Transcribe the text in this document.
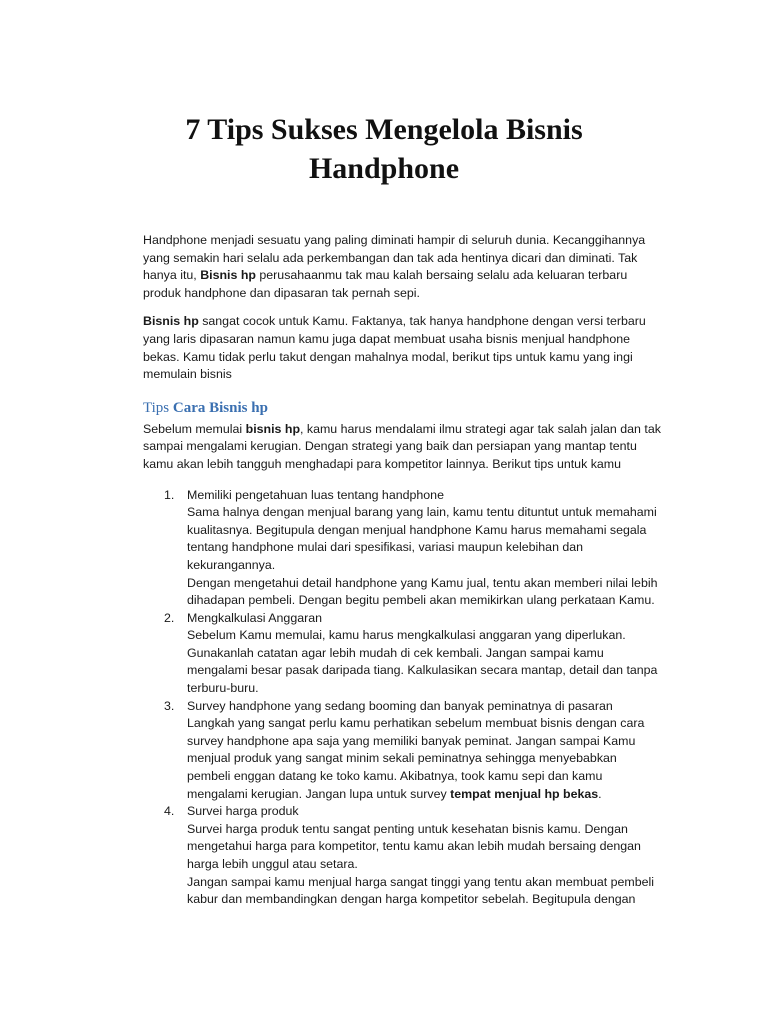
7 Tips Sukses Mengelola Bisnis
Handphone

Handphone menjadi sesuatu yang paling diminati hampir di seluruh dunia. Kecanggihannya yang semakin hari selalu ada perkembangan dan tak ada hentinya dicari dan diminati. Tak hanya itu, Bisnis hp perusahaanmu tak mau kalah bersaing selalu ada keluaran terbaru produk handphone dan dipasaran tak pernah sepi.

Bisnis hp sangat cocok untuk Kamu. Faktanya, tak hanya handphone dengan versi terbaru yang laris dipasaran namun kamu juga dapat membuat usaha bisnis menjual handphone bekas. Kamu tidak perlu takut dengan mahalnya modal, berikut tips untuk kamu yang ingi memulain bisnis

Tips Cara Bisnis hp

Sebelum memulai bisnis hp, kamu harus mendalami ilmu strategi agar tak salah jalan dan tak sampai mengalami kerugian. Dengan strategi yang baik dan persiapan yang mantap tentu kamu akan lebih tangguh menghadapi para kompetitor lainnya. Berikut tips untuk kamu

1. Memiliki pengetahuan luas tentang handphone
Sama halnya dengan menjual barang yang lain, kamu tentu dituntut untuk memahami kualitasnya. Begitupula dengan menjual handphone Kamu harus memahami segala tentang handphone mulai dari spesifikasi, variasi maupun kelebihan dan kekurangannya.
Dengan mengetahui detail handphone yang Kamu jual, tentu akan memberi nilai lebih dihadapan pembeli. Dengan begitu pembeli akan memikirkan ulang perkataan Kamu.
2. Mengkalkulasi Anggaran
Sebelum Kamu memulai, kamu harus mengkalkulasi anggaran yang diperlukan. Gunakanlah catatan agar lebih mudah di cek kembali. Jangan sampai kamu mengalami besar pasak daripada tiang. Kalkulasikan secara mantap, detail dan tanpa terburu-buru.
3. Survey handphone yang sedang booming dan banyak peminatnya di pasaran
Langkah yang sangat perlu kamu perhatikan sebelum membuat bisnis dengan cara survey handphone apa saja yang memiliki banyak peminat. Jangan sampai Kamu menjual produk yang sangat minim sekali peminatnya sehingga menyebabkan pembeli enggan datang ke toko kamu. Akibatnya, took kamu sepi dan kamu mengalami kerugian. Jangan lupa untuk survey tempat menjual hp bekas.
4. Survei harga produk
Survei harga produk tentu sangat penting untuk kesehatan bisnis kamu. Dengan mengetahui harga para kompetitor, tentu kamu akan lebih mudah bersaing dengan harga lebih unggul atau setara.
Jangan sampai kamu menjual harga sangat tinggi yang tentu akan membuat pembeli kabur dan membandingkan dengan harga kompetitor sebelah. Begitupula dengan
